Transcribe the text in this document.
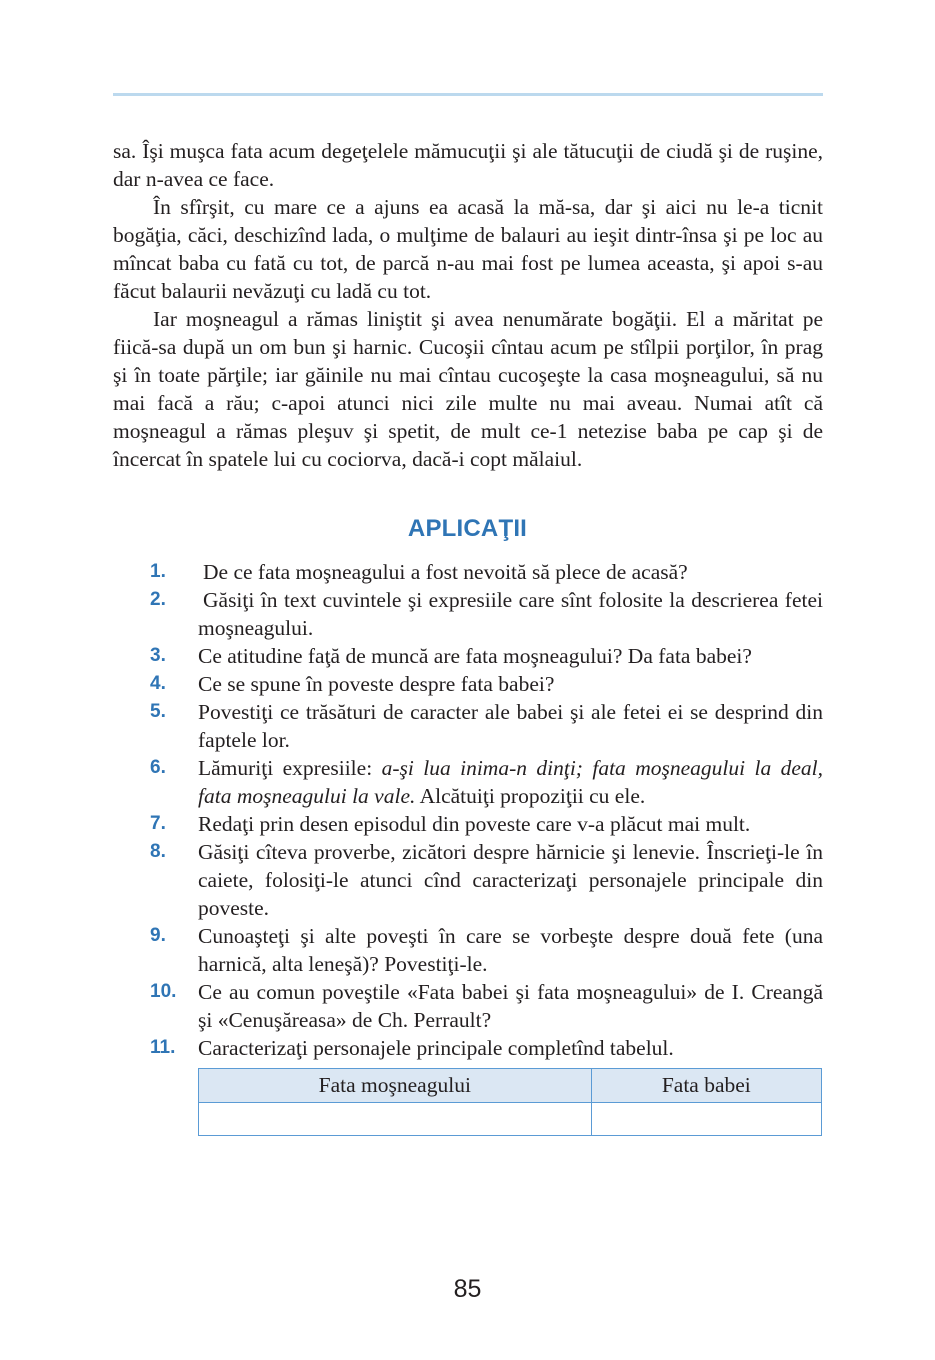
sa. Îşi muşca fata acum degeţelele mămucuţii şi ale tătucuţii de ciudă şi de ruşine, dar n-avea ce face.

În sfîrşit, cu mare ce a ajuns ea acasă la mă-sa, dar şi aici nu le-a ticnit bogăţia, căci, deschizînd lada, o mulţime de balauri au ieşit dintr-însa şi pe loc au mîncat baba cu fată cu tot, de parcă n-au mai fost pe lumea aceasta, şi apoi s-au făcut balaurii nevăzuţi cu ladă cu tot.

Iar moşneagul a rămas liniştit şi avea nenumărate bogăţii. El a măritat pe fiică-sa după un om bun şi harnic. Cucoşii cîntau acum pe stîlpii porţilor, în prag şi în toate părţile; iar găinile nu mai cîntau cucoşeşte la casa moşneagului, să nu mai facă a rău; c-apoi atunci nici zile multe nu mai aveau. Numai atît că moşneagul a rămas pleşuv şi spetit, de mult ce-1 netezise baba pe cap şi de încercat în spatele lui cu cociorva, dacă-i copt mălaiul.

APLICAŢII
1.	De ce fata moşneagului a fost nevoită să plece de acasă?
2.	Găsiţi în text cuvintele şi expresiile care sînt folosite la descrierea fetei moşneagului.
3.	Ce atitudine faţă de muncă are fata moşneagului? Da fata babei?
4.	Ce se spune în poveste despre fata babei?
5.	Povestiţi ce trăsături de caracter ale babei şi ale fetei ei se desprind din faptele lor.
6.	Lămuriţi expresiile: a-şi lua inima-n dinţi; fata moşneagului la deal, fata moşneagului la vale. Alcătuiţi propoziţii cu ele.
7.	Redaţi prin desen episodul din poveste care v-a plăcut mai mult.
8.	Găsiţi cîteva proverbe, zicători despre hărnicie şi lenevie. Înscrieţi-le în caiete, folosiţi-le atunci cînd caracterizaţi personajele principale din poveste.
9.	Cunoaşteţi şi alte poveşti în care se vorbeşte despre două fete (una harnică, alta leneşă)? Povestiţi-le.
10.	Ce au comun poveştile «Fata babei şi fata moşneagului» de I. Creangă şi «Cenuşăreasa» de Ch. Perrault?
11.	Caracterizaţi personajele principale completînd tabelul.
Fata moşneagului	Fata babei

85
